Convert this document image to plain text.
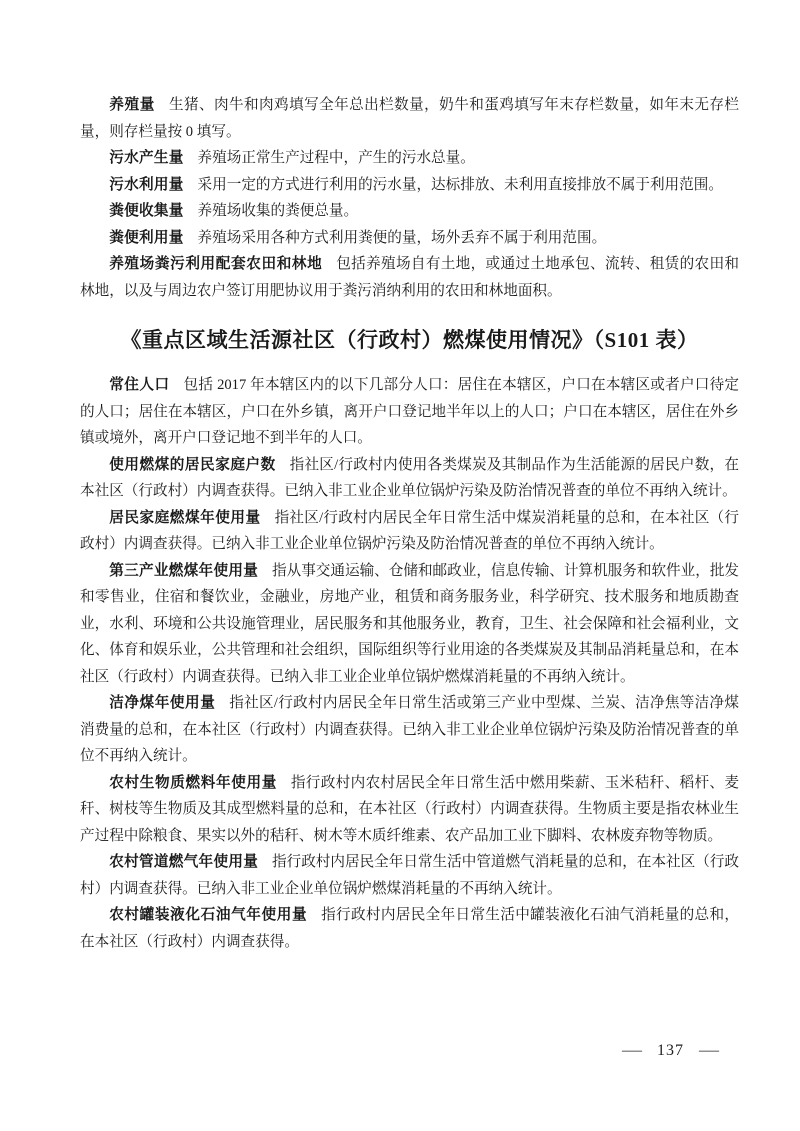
养殖量 生猪、肉牛和肉鸡填写全年总出栏数量，奶牛和蛋鸡填写年末存栏数量，如年末无存栏量，则存栏量按 0 填写。

污水产生量 养殖场正常生产过程中，产生的污水总量。

污水利用量 采用一定的方式进行利用的污水量，达标排放、未利用直接排放不属于利用范围。

粪便收集量 养殖场收集的粪便总量。

粪便利用量 养殖场采用各种方式利用粪便的量，场外丢弃不属于利用范围。

养殖场粪污利用配套农田和林地 包括养殖场自有土地，或通过土地承包、流转、租赁的农田和林地，以及与周边农户签订用肥协议用于粪污消纳利用的农田和林地面积。

《重点区域生活源社区（行政村）燃煤使用情况》（S101 表）

常住人口 包括 2017 年本辖区内的以下几部分人口：居住在本辖区，户口在本辖区或者户口待定的人口；居住在本辖区，户口在外乡镇，离开户口登记地半年以上的人口；户口在本辖区，居住在外乡镇或境外，离开户口登记地不到半年的人口。

使用燃煤的居民家庭户数 指社区/行政村内使用各类煤炭及其制品作为生活能源的居民户数，在本社区（行政村）内调查获得。已纳入非工业企业单位锅炉污染及防治情况普查的单位不再纳入统计。

居民家庭燃煤年使用量 指社区/行政村内居民全年日常生活中煤炭消耗量的总和，在本社区（行政村）内调查获得。已纳入非工业企业单位锅炉污染及防治情况普查的单位不再纳入统计。

第三产业燃煤年使用量 指从事交通运输、仓储和邮政业，信息传输、计算机服务和软件业，批发和零售业，住宿和餐饮业，金融业，房地产业，租赁和商务服务业，科学研究、技术服务和地质勘查业，水利、环境和公共设施管理业，居民服务和其他服务业，教育，卫生、社会保障和社会福利业，文化、体育和娱乐业，公共管理和社会组织，国际组织等行业用途的各类煤炭及其制品消耗量总和，在本社区（行政村）内调查获得。已纳入非工业企业单位锅炉燃煤消耗量的不再纳入统计。

洁净煤年使用量 指社区/行政村内居民全年日常生活或第三产业中型煤、兰炭、洁净焦等洁净煤消费量的总和，在本社区（行政村）内调查获得。已纳入非工业企业单位锅炉污染及防治情况普查的单位不再纳入统计。

农村生物质燃料年使用量 指行政村内农村居民全年日常生活中燃用柴薪、玉米秸秆、稻杆、麦秆、树枝等生物质及其成型燃料量的总和，在本社区（行政村）内调查获得。生物质主要是指农林业生产过程中除粮食、果实以外的秸秆、树木等木质纤维素、农产品加工业下脚料、农林废弃物等物质。

农村管道燃气年使用量 指行政村内居民全年日常生活中管道燃气消耗量的总和，在本社区（行政村）内调查获得。已纳入非工业企业单位锅炉燃煤消耗量的不再纳入统计。

农村罐装液化石油气年使用量 指行政村内居民全年日常生活中罐装液化石油气消耗量的总和，在本社区（行政村）内调查获得。

— 137 —
